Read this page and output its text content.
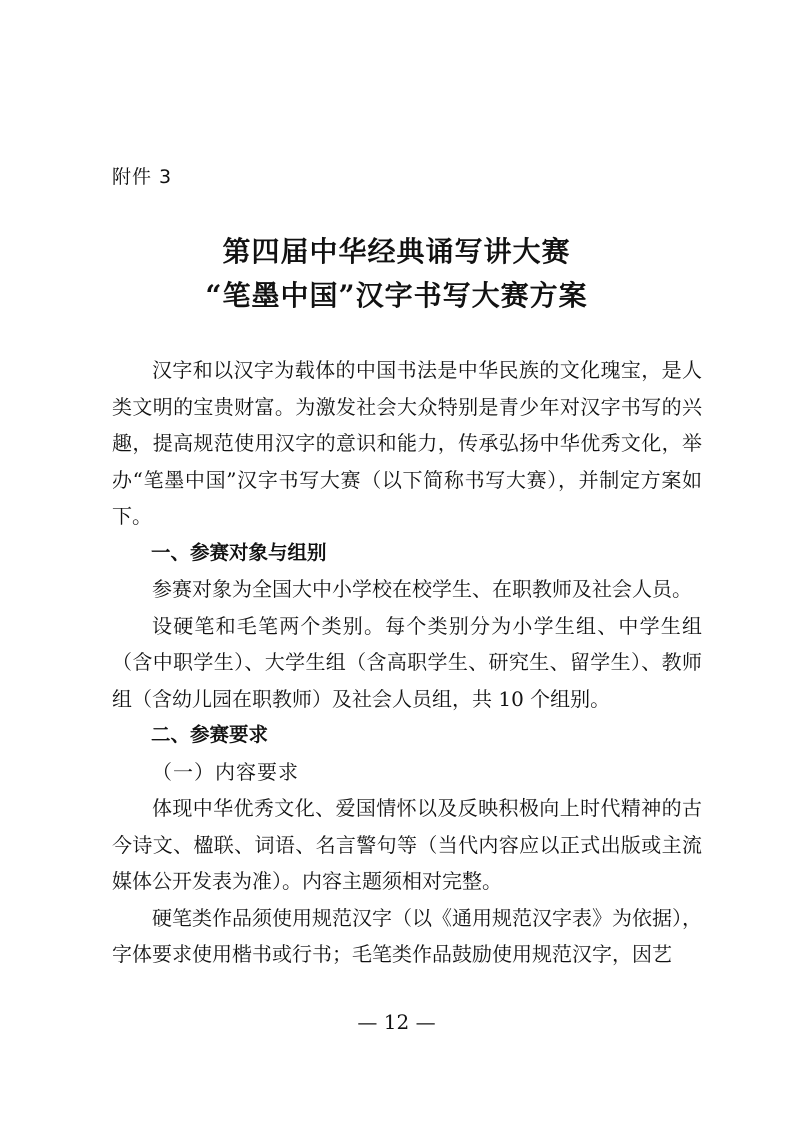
附件 3
第四届中华经典诵写讲大赛
“笔墨中国”汉字书写大赛方案

汉字和以汉字为载体的中国书法是中华民族的文化瑰宝，是人类文明的宝贵财富。为激发社会大众特别是青少年对汉字书写的兴趣，提高规范使用汉字的意识和能力，传承弘扬中华优秀文化，举办“笔墨中国”汉字书写大赛（以下简称书写大赛），并制定方案如下。

一、参赛对象与组别

参赛对象为全国大中小学校在校学生、在职教师及社会人员。

设硬笔和毛笔两个类别。每个类别分为小学生组、中学生组（含中职学生）、大学生组（含高职学生、研究生、留学生）、教师组（含幼儿园在职教师）及社会人员组，共 10 个组别。

二、参赛要求

（一）内容要求

体现中华优秀文化、爱国情怀以及反映积极向上时代精神的古今诗文、楹联、词语、名言警句等（当代内容应以正式出版或主流媒体公开发表为准）。内容主题须相对完整。

硬笔类作品须使用规范汉字（以《通用规范汉字表》为依据），字体要求使用楷书或行书；毛笔类作品鼓励使用规范汉字，因艺

— 12 —
